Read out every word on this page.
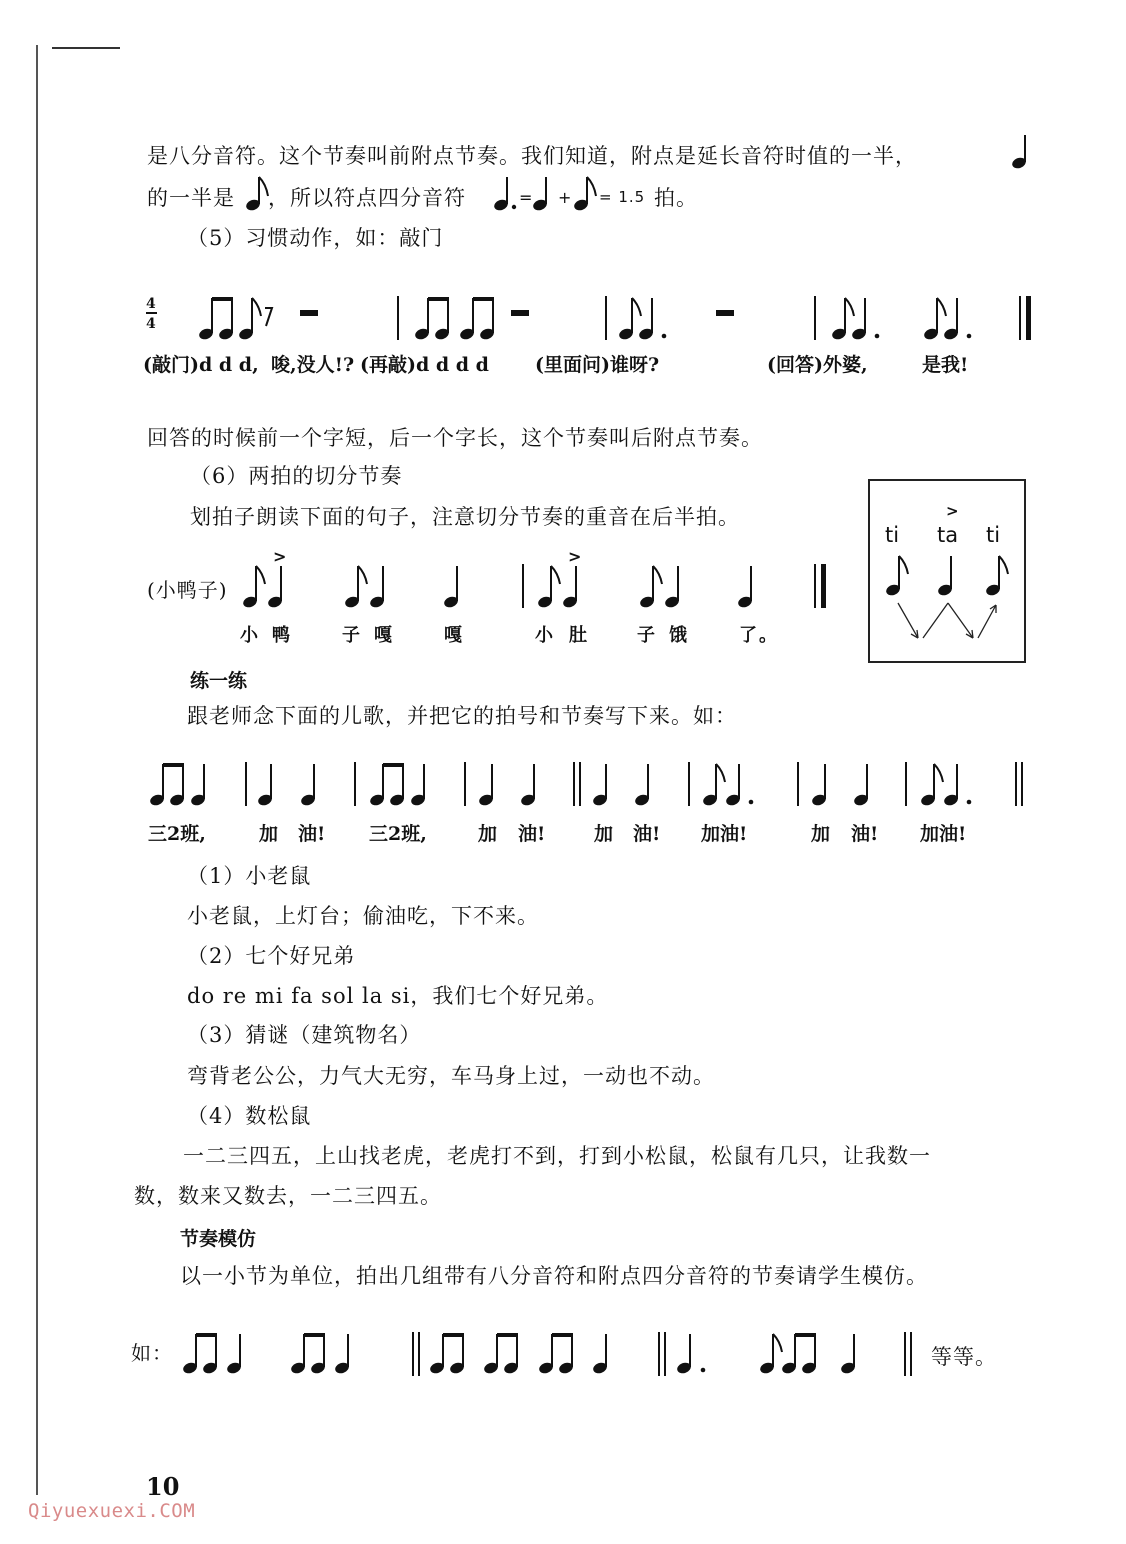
是八分音符。这个节奏叫前附点节奏。我们知道，附点是延长音符时值的一半，
的一半是 ，所以符点四分音符	= + = 1.5 拍。
（5）习惯动作，如：敲门
4
4
(敲门)d d d, 唆,没人!? (再敲)d d d d (里面问)谁呀?	(回答)外婆,	是我!
回答的时候前一个字短，后一个字长，这个节奏叫后附点节奏。
（6）两拍的切分节奏
划拍子朗读下面的句子，注意切分节奏的重音在后半拍。
(小鸭子)
>	>
小 鸭	子 嘎	嘎	小 肚	子 饿	了。
ti ta ti
>
练一练
跟老师念下面的儿歌，并把它的拍号和节奏写下来。如：
三2班,	加 油! 三2班,	加 油!	加 油! 加油!	加 油! 加油!
（1）小老鼠
小老鼠，上灯台；偷油吃，下不来。
（2）七个好兄弟
do re mi fa sol la si，我们七个好兄弟。
（3）猜谜（建筑物名）
弯背老公公，力气大无穷，车马身上过，一动也不动。
（4）数松鼠
一二三四五，上山找老虎，老虎打不到，打到小松鼠，松鼠有几只，让我数一
数，数来又数去，一二三四五。
节奏模仿
以一小节为单位，拍出几组带有八分音符和附点四分音符的节奏请学生模仿。
如：	等等。
10
Qiyuexuexi.COM
